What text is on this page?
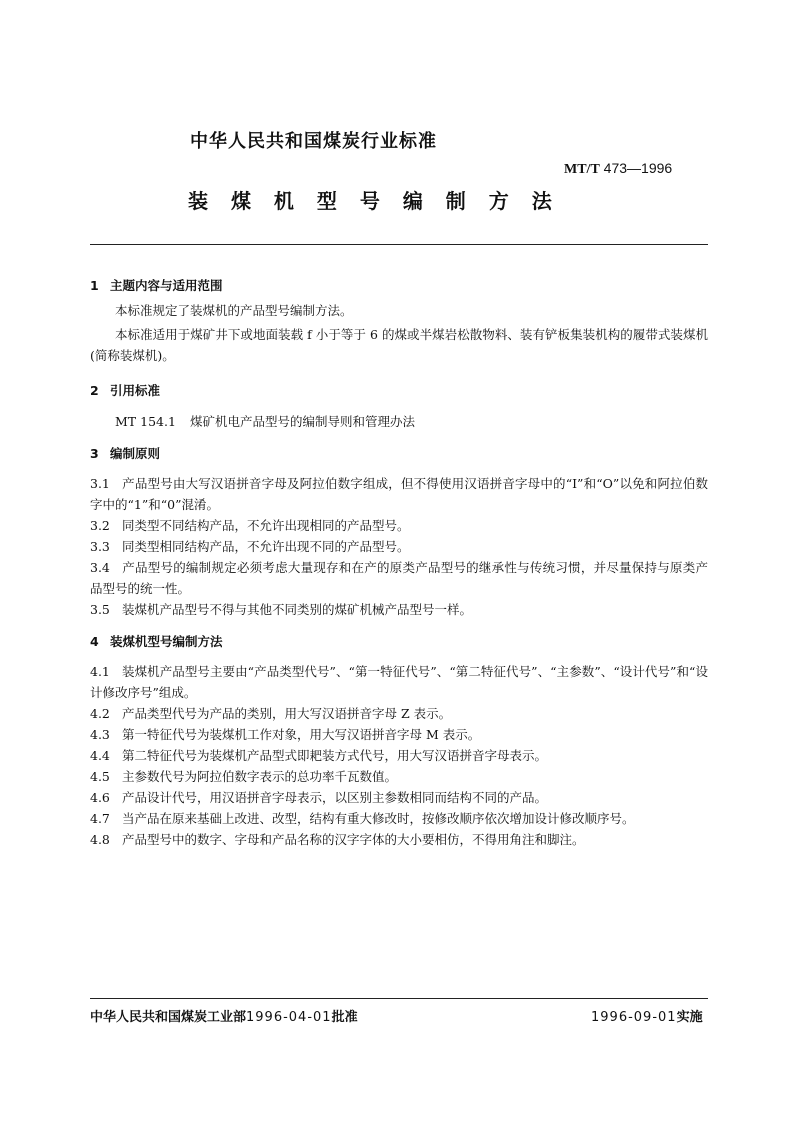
中华人民共和国煤炭行业标准
MT/T 473—1996
装 煤 机 型 号 编 制 方 法
1 主题内容与适用范围
本标准规定了装煤机的产品型号编制方法。
本标准适用于煤矿井下或地面装载 f 小于等于 6 的煤或半煤岩松散物料、装有铲板集装机构的履带式装煤机(简称装煤机)。
2 引用标准
MT 154.1 煤矿机电产品型号的编制导则和管理办法
3 编制原则
3.1 产品型号由大写汉语拼音字母及阿拉伯数字组成，但不得使用汉语拼音字母中的“I”和“O”以免和阿拉伯数字中的“1”和“0”混淆。
3.2 同类型不同结构产品，不允许出现相同的产品型号。
3.3 同类型相同结构产品，不允许出现不同的产品型号。
3.4 产品型号的编制规定必须考虑大量现存和在产的原类产品型号的继承性与传统习惯，并尽量保持与原类产品型号的统一性。
3.5 装煤机产品型号不得与其他不同类别的煤矿机械产品型号一样。
4 装煤机型号编制方法
4.1 装煤机产品型号主要由“产品类型代号”、“第一特征代号”、“第二特征代号”、“主参数”、“设计代号”和“设计修改序号”组成。
4.2 产品类型代号为产品的类别，用大写汉语拼音字母 Z 表示。
4.3 第一特征代号为装煤机工作对象，用大写汉语拼音字母 M 表示。
4.4 第二特征代号为装煤机产品型式即耙装方式代号，用大写汉语拼音字母表示。
4.5 主参数代号为阿拉伯数字表示的总功率千瓦数值。
4.6 产品设计代号，用汉语拼音字母表示，以区别主参数相同而结构不同的产品。
4.7 当产品在原来基础上改进、改型，结构有重大修改时，按修改顺序依次增加设计修改顺序号。
4.8 产品型号中的数字、字母和产品名称的汉字字体的大小要相仿，不得用角注和脚注。
中华人民共和国煤炭工业部1996-04-01批准	1996-09-01实施
